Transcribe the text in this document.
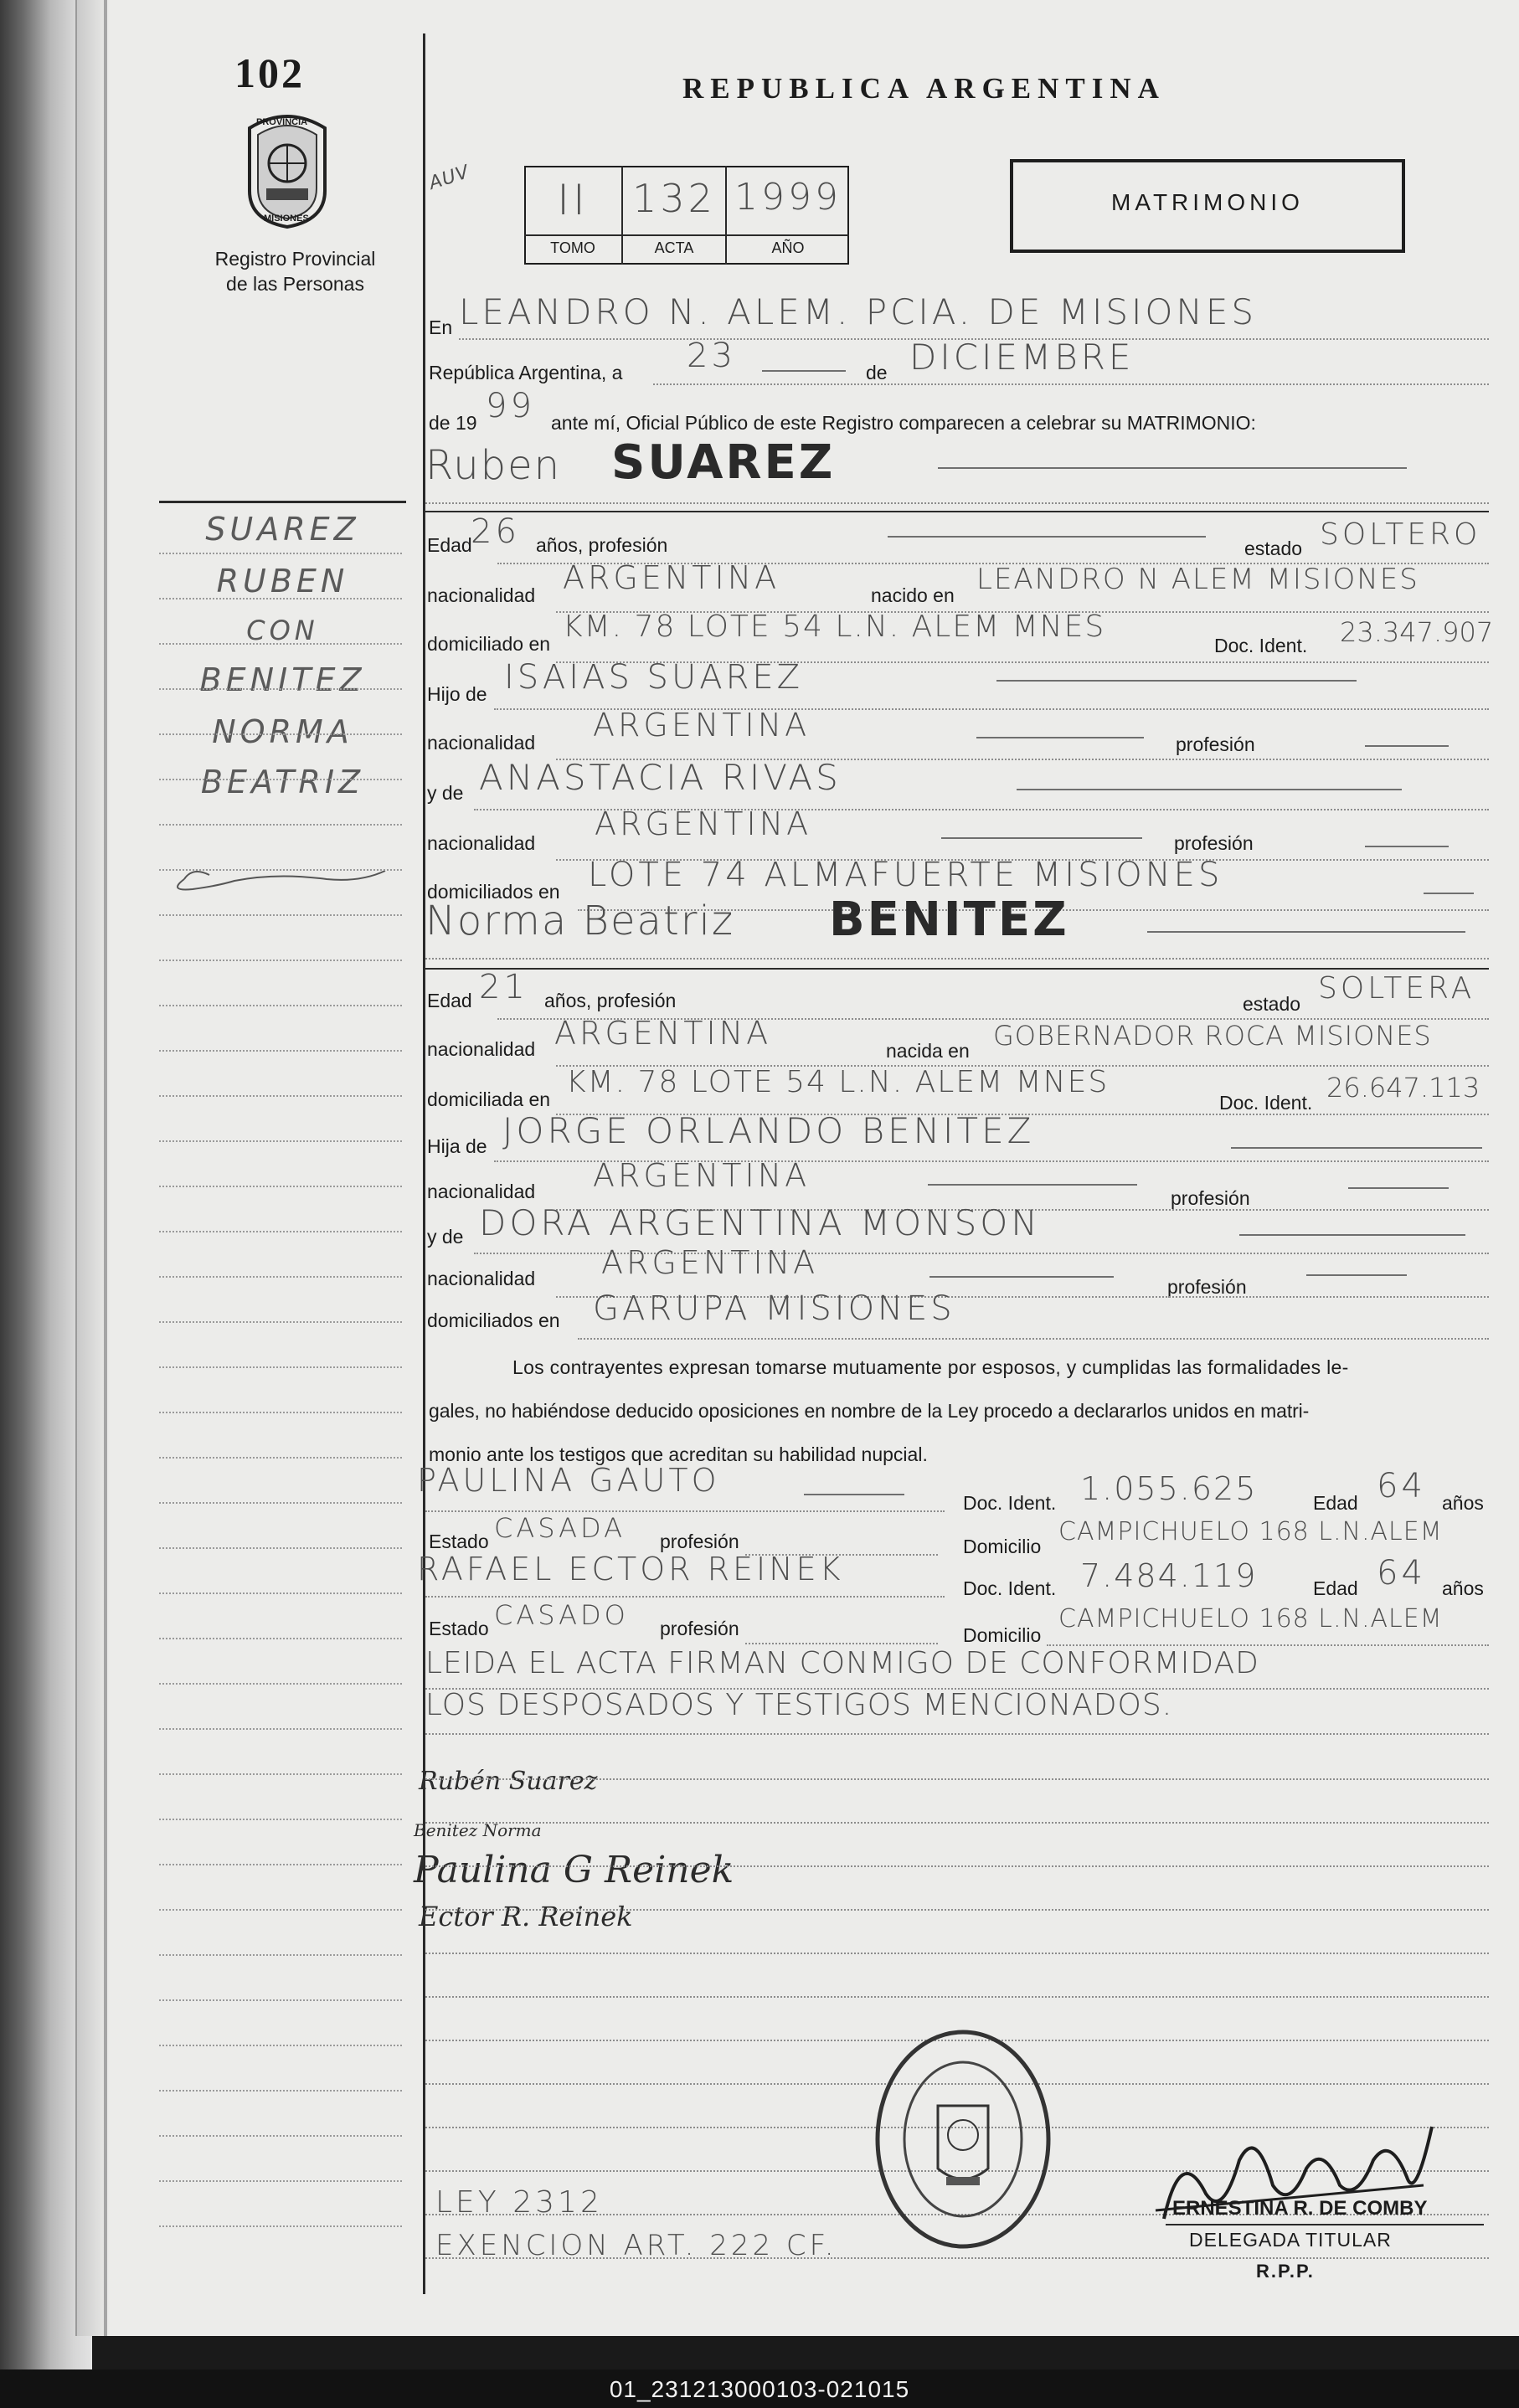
102
PROVINCIA
MISIONES
Registro Provincial
de las Personas
REPUBLICA ARGENTINA
AUV	II	132 1999
TOMO	ACTA	AÑO
MATRIMONIO
SUAREZ
RUBEN
CON
BENITEZ
NORMA
BEATRIZ
En LEANDRO N. ALEM. PCIA. DE MISIONES
República Argentina, a 23	de DICIEMBRE
de 19 99 ante mí, Oficial Público de este Registro comparecen a celebrar su MATRIMONIO:
Ruben SUAREZ
Edad
26 años, profesión	estado SOLTERO
nacionalidad ARGENTINA	nacido en LEANDRO N ALEM MISIONES
domiciliado en KM. 78 LOTE 54 L.N. ALEM MNES
Doc. Ident. 23.347.907
Hijo de ISAIAS SUAREZ
nacionalidad ARGENTINA
profesión
y de ANASTACIA RIVAS
nacionalidad
ARGENTINA
profesión
domiciliados en LOTE 74 ALMAFUERTE MISIONES
Norma Beatriz BENITEZ
Edad 21 años, profesión	estado SOLTERA
nacionalidad ARGENTINA	nacida en GOBERNADOR ROCA MISIONES
domiciliada en KM. 78 LOTE 54 L.N. ALEM MNES
Doc. Ident. 26.647.113
Hija de JORGE ORLANDO BENITEZ
nacionalidad ARGENTINA
profesión
y de DORA ARGENTINA MONSON
nacionalidad ARGENTINA
profesión
domiciliados en GARUPA MISIONES
Los contrayentes expresan tomarse mutuamente por esposos, y cumplidas las formalidades le-
gales, no habiéndose deducido oposiciones en nombre de la Ley procedo a declararlos unidos en matri-
monio ante los testigos que acreditan su habilidad nupcial.
PAULINA GAUTO
Doc. Ident. 1.055.625	Edad 64 años
Estado CASADA profesión	Domicilio CAMPICHUELO 168 L.N.ALEM
RAFAEL ECTOR REINEK
Doc. Ident. 7.484.119	Edad 64 años
Estado CASADO profesión	Domicilio
CAMPICHUELO 168 L.N.ALEM
LEIDA EL ACTA FIRMAN CONMIGO DE CONFORMIDAD
LOS DESPOSADOS Y TESTIGOS MENCIONADOS.
Rubén Suarez
Benitez Norma
Paulina G Reinek
Ector R. Reinek
LEY 2312
EXENCION ART. 222 CF.
ERNESTINA R. DE COMBY
DELEGADA TITULAR
R.P.P.
01_231213000103-021015
